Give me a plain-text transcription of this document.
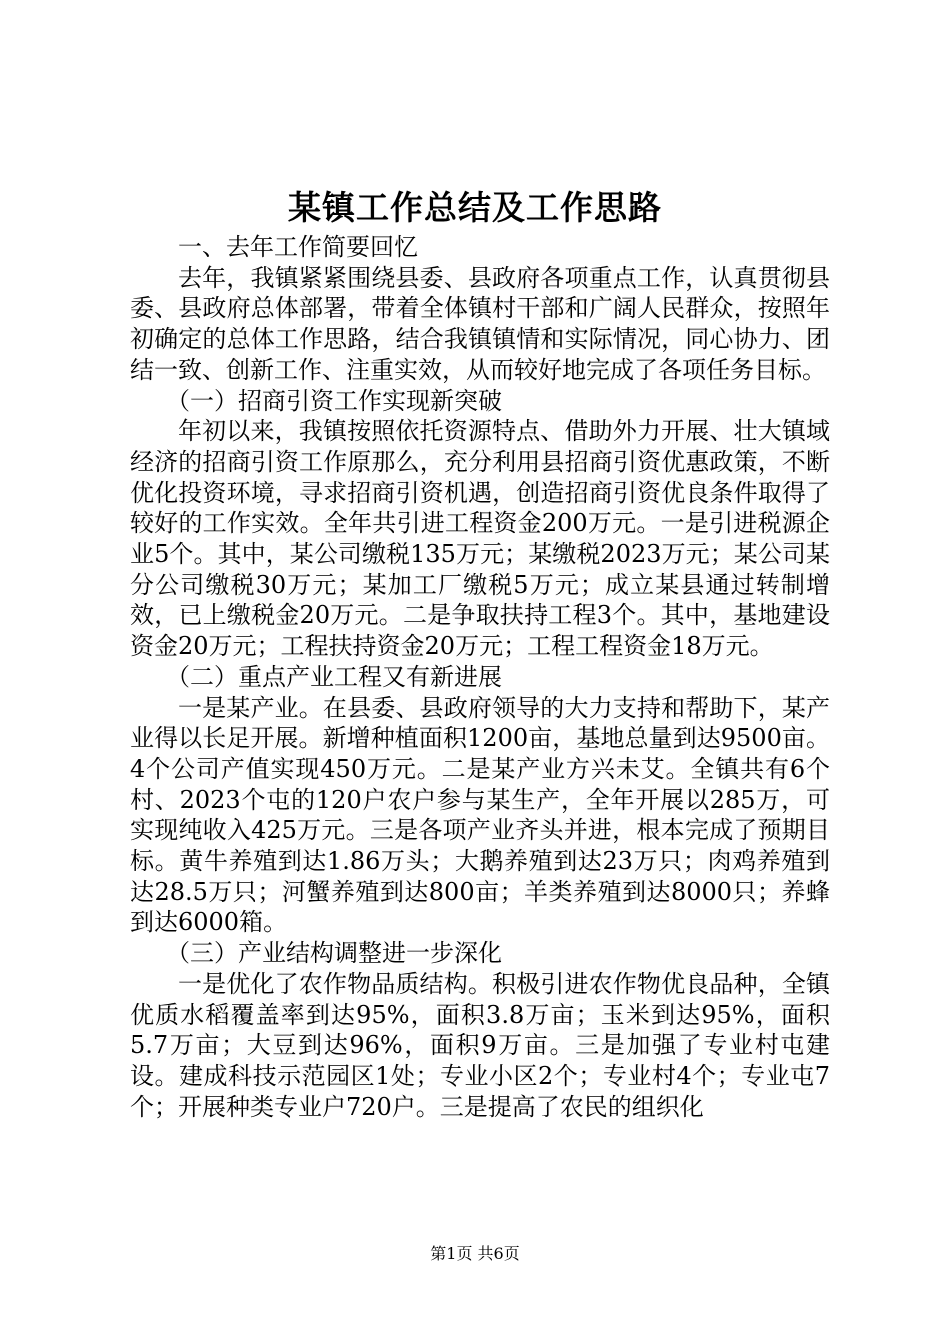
某镇工作总结及工作思路

一、去年工作简要回忆

去年，我镇紧紧围绕县委、县政府各项重点工作，认真贯彻县委、县政府总体部署，带着全体镇村干部和广阔人民群众，按照年初确定的总体工作思路，结合我镇镇情和实际情况，同心协力、团结一致、创新工作、注重实效，从而较好地完成了各项任务目标。

（一）招商引资工作实现新突破

年初以来，我镇按照依托资源特点、借助外力开展、壮大镇域经济的招商引资工作原那么，充分利用县招商引资优惠政策，不断优化投资环境，寻求招商引资机遇，创造招商引资优良条件取得了较好的工作实效。全年共引进工程资金200万元。一是引进税源企业5个。其中，某公司缴税135万元；某缴税2023万元；某公司某分公司缴税30万元；某加工厂缴税5万元；成立某县通过转制增效，已上缴税金20万元。二是争取扶持工程3个。其中，基地建设资金20万元；工程扶持资金20万元；工程工程资金18万元。

（二）重点产业工程又有新进展

一是某产业。在县委、县政府领导的大力支持和帮助下，某产业得以长足开展。新增种植面积1200亩，基地总量到达9500亩。4个公司产值实现450万元。二是某产业方兴未艾。全镇共有6个村、2023个屯的120户农户参与某生产，全年开展以285万，可实现纯收入425万元。三是各项产业齐头并进，根本完成了预期目标。黄牛养殖到达1.86万头；大鹅养殖到达23万只；肉鸡养殖到达28.5万只；河蟹养殖到达800亩；羊类养殖到达8000只；养蜂到达6000箱。

（三）产业结构调整进一步深化

一是优化了农作物品质结构。积极引进农作物优良品种，全镇优质水稻覆盖率到达95%，面积3.8万亩；玉米到达95%，面积5.7万亩；大豆到达96%，面积9万亩。三是加强了专业村屯建设。建成科技示范园区1处；专业小区2个；专业村4个；专业屯7个；开展种类专业户720户。三是提高了农民的组织化

第1页 共6页
